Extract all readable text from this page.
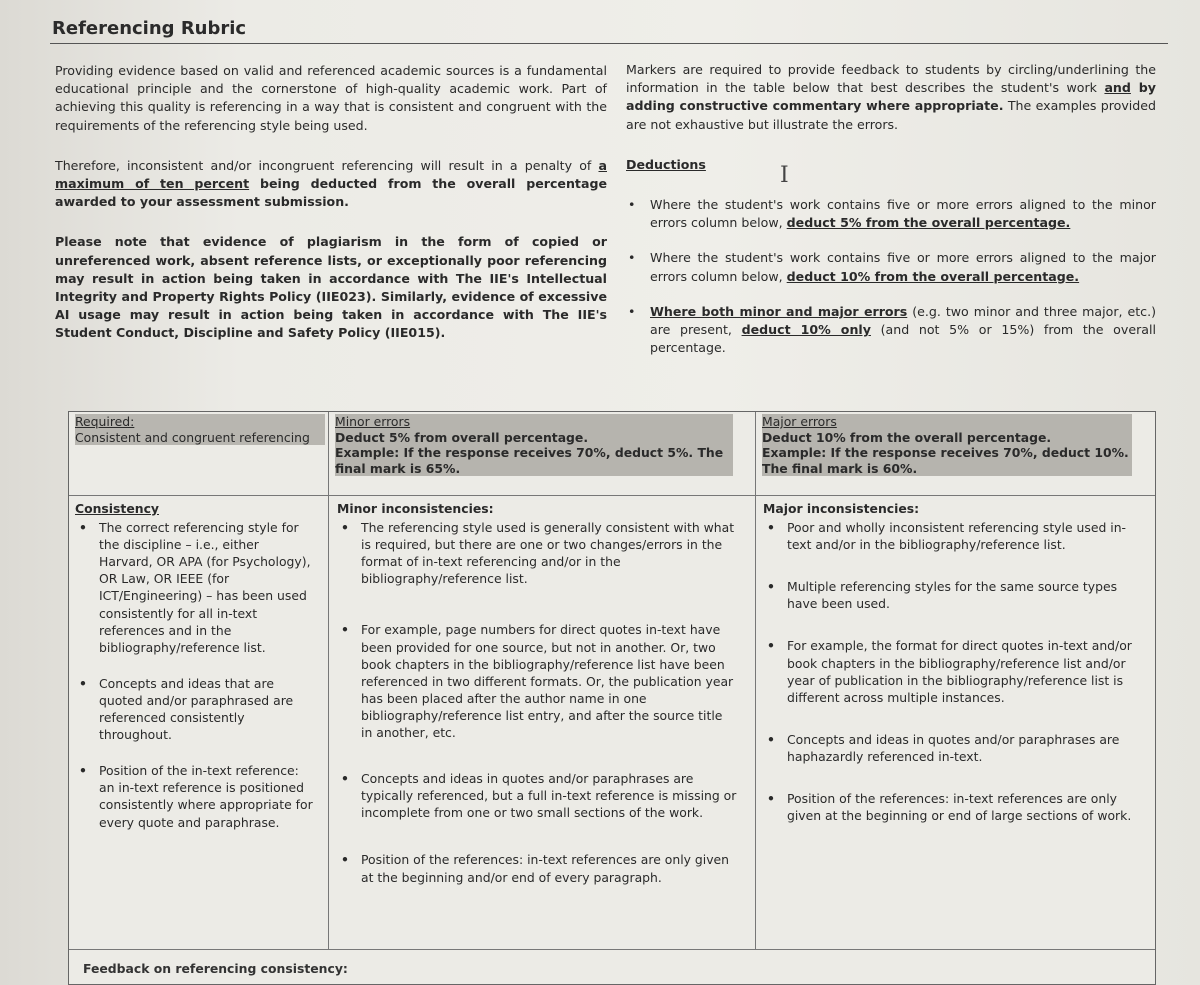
Referencing Rubric

Providing evidence based on valid and referenced academic sources is a fundamental educational principle and the cornerstone of high-quality academic work. Part of achieving this quality is referencing in a way that is consistent and congruent with the requirements of the referencing style being used.

Therefore, inconsistent and/or incongruent referencing will result in a penalty of a maximum of ten percent being deducted from the overall percentage awarded to your assessment submission.

Please note that evidence of plagiarism in the form of copied or unreferenced work, absent reference lists, or exceptionally poor referencing may result in action being taken in accordance with The IIE's Intellectual Integrity and Property Rights Policy (IIE023). Similarly, evidence of excessive AI usage may result in action being taken in accordance with The IIE's Student Conduct, Discipline and Safety Policy (IIE015).

Markers are required to provide feedback to students by circling/underlining the information in the table below that best describes the student's work and by adding constructive commentary where appropriate. The examples provided are not exhaustive but illustrate the errors.

Deductions

• Where the student's work contains five or more errors aligned to the minor errors column below, deduct 5% from the overall percentage.
• Where the student's work contains five or more errors aligned to the major errors column below, deduct 10% from the overall percentage.
• Where both minor and major errors (e.g. two minor and three major, etc.) are present, deduct 10% only (and not 5% or 15%) from the overall percentage.
I
Required:
Consistent and congruent referencing
Minor errors
Deduct 5% from overall percentage.
Example: If the response receives 70%, deduct 5%. The final mark is 65%.
Major errors
Deduct 10% from the overall percentage.
Example: If the response receives 70%, deduct 10%. The final mark is 60%.
Consistency
• The correct referencing style for the discipline – i.e., either Harvard, OR APA (for Psychology), OR Law, OR IEEE (for ICT/Engineering) – has been used consistently for all in-text references and in the bibliography/reference list.
• Concepts and ideas that are quoted and/or paraphrased are referenced consistently throughout.
• Position of the in-text reference: an in-text reference is positioned consistently where appropriate for every quote and paraphrase.
Minor inconsistencies:
• The referencing style used is generally consistent with what is required, but there are one or two changes/errors in the format of in-text referencing and/or in the bibliography/reference list.
• For example, page numbers for direct quotes in-text have been provided for one source, but not in another. Or, two book chapters in the bibliography/reference list have been referenced in two different formats. Or, the publication year has been placed after the author name in one bibliography/reference list entry, and after the source title in another, etc.
• Concepts and ideas in quotes and/or paraphrases are typically referenced, but a full in-text reference is missing or incomplete from one or two small sections of the work.
• Position of the references: in-text references are only given at the beginning and/or end of every paragraph.
Major inconsistencies:
• Poor and wholly inconsistent referencing style used in-text and/or in the bibliography/reference list.
• Multiple referencing styles for the same source types have been used.
• For example, the format for direct quotes in-text and/or book chapters in the bibliography/reference list and/or year of publication in the bibliography/reference list is different across multiple instances.
• Concepts and ideas in quotes and/or paraphrases are haphazardly referenced in-text.
• Position of the references: in-text references are only given at the beginning or end of large sections of work.
Feedback on referencing consistency:
